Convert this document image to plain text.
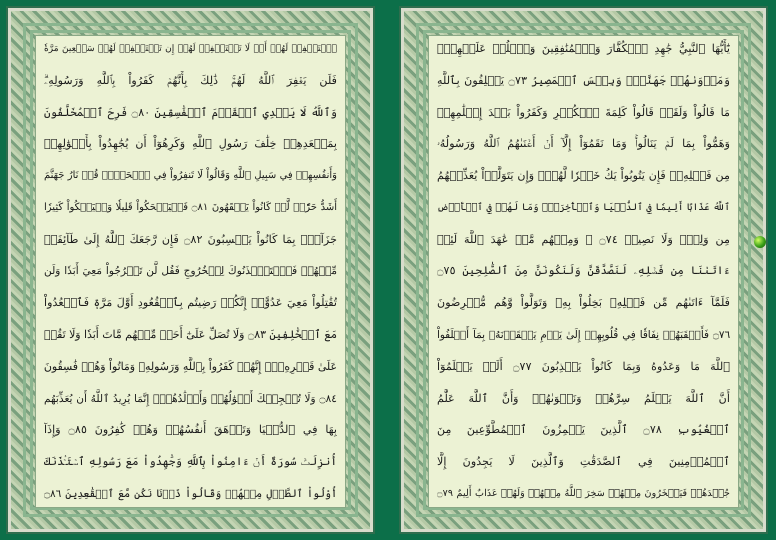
ٱسۡتَغۡفِرۡ لَهُمۡ أَوۡ لَا تَسۡتَغۡفِرۡ لَهُمۡ إِن تَسۡتَغۡفِرۡ لَهُمۡ سَبۡعِينَ مَرَّةٗ
فَلَن يَغۡفِرَ ٱللَّهُ لَهُمۡۚ ذَٰلِكَ بِأَنَّهُمۡ كَفَرُواْ بِٱللَّهِ وَرَسُولِهِۦۗ
وَٱللَّهُ لَا يَهۡدِي ٱلۡقَوۡمَ ٱلۡفَٰسِقِينَ ۝٨٠ فَرِحَ ٱلۡمُخَلَّفُونَ
بِمَقۡعَدِهِمۡ خِلَٰفَ رَسُولِ ٱللَّهِ وَكَرِهُوٓاْ أَن يُجَٰهِدُواْ بِأَمۡوَٰلِهِمۡ
وَأَنفُسِهِمۡ فِي سَبِيلِ ٱللَّهِ وَقَالُواْ لَا تَنفِرُواْ فِي ٱلۡحَرِّۗ قُلۡ نَارُ جَهَنَّمَ
أَشَدُّ حَرّٗاۚ لَّوۡ كَانُواْ يَفۡقَهُونَ ۝٨١ فَلۡيَضۡحَكُواْ قَلِيلٗا وَلۡيَبۡكُواْ كَثِيرٗا
جَزَآءَۢ بِمَا كَانُواْ يَكۡسِبُونَ ۝٨٢ فَإِن رَّجَعَكَ ٱللَّهُ إِلَىٰ طَآئِفَةٖ
مِّنۡهُمۡ فَٱسۡتَـٔۡذَنُوكَ لِلۡخُرُوجِ فَقُل لَّن تَخۡرُجُواْ مَعِيَ أَبَدٗا وَلَن
تُقَٰتِلُواْ مَعِيَ عَدُوًّاۖ إِنَّكُمۡ رَضِيتُم بِٱلۡقُعُودِ أَوَّلَ مَرَّةٖ فَٱقۡعُدُواْ
مَعَ ٱلۡخَٰلِفِينَ ۝٨٣ وَلَا تُصَلِّ عَلَىٰٓ أَحَدٖ مِّنۡهُم مَّاتَ أَبَدٗا وَلَا تَقُمۡ
عَلَىٰ قَبۡرِهِۦٓۖ إِنَّهُمۡ كَفَرُواْ بِٱللَّهِ وَرَسُولِهِۦ وَمَاتُواْ وَهُمۡ فَٰسِقُونَ
۝٨٤ وَلَا تُعۡجِبۡكَ أَمۡوَٰلُهُمۡ وَأَوۡلَٰدُهُمۡۚ إِنَّمَا يُرِيدُ ٱللَّهُ أَن يُعَذِّبَهُم
بِهَا فِي ٱلدُّنۡيَا وَتَزۡهَقَ أَنفُسُهُمۡ وَهُمۡ كَٰفِرُونَ ۝٨٥ وَإِذَآ
أُنزِلَتۡ سُورَةٌ أَنۡ ءَامِنُواْ بِٱللَّهِ وَجَٰهِدُواْ مَعَ رَسُولِهِ ٱسۡتَـٔۡذَنَكَ
أُوْلُواْ ٱلطَّوۡلِ مِنۡهُمۡ وَقَالُواْ ذَرۡنَا نَكُن مَّعَ ٱلۡقَٰعِدِينَ ۝٨٦
يَٰٓأَيُّهَا ٱلنَّبِيُّ جَٰهِدِ ٱلۡكُفَّارَ وَٱلۡمُنَٰفِقِينَ وَٱغۡلُظۡ عَلَيۡهِمۡۚ
وَمَأۡوَىٰهُمۡ جَهَنَّمُۖ وَبِئۡسَ ٱلۡمَصِيرُ ۝٧٣ يَحۡلِفُونَ بِٱللَّهِ
مَا قَالُواْ وَلَقَدۡ قَالُواْ كَلِمَةَ ٱلۡكُفۡرِ وَكَفَرُواْ بَعۡدَ إِسۡلَٰمِهِمۡ
وَهَمُّواْ بِمَا لَمۡ يَنَالُواْۚ وَمَا نَقَمُوٓاْ إِلَّآ أَنۡ أَغۡنَىٰهُمُ ٱللَّهُ وَرَسُولُهُۥ
مِن فَضۡلِهِۦۚ فَإِن يَتُوبُواْ يَكُ خَيۡرٗا لَّهُمۡۖ وَإِن يَتَوَلَّوۡاْ يُعَذِّبۡهُمُ
ٱللَّهُ عَذَابًا أَلِيمٗا فِي ٱلدُّنۡيَا وَٱلۡأٓخِرَةِۚ وَمَا لَهُمۡ فِي ٱلۡأَرۡضِ
مِن وَلِيّٖ وَلَا نَصِيرٖ ۝٧٤ ۞ وَمِنۡهُم مَّنۡ عَٰهَدَ ٱللَّهَ لَئِنۡ
ءَاتَىٰنَا مِن فَضۡلِهِۦ لَنَصَّدَّقَنَّ وَلَنَكُونَنَّ مِنَ ٱلصَّٰلِحِينَ ۝٧٥
فَلَمَّآ ءَاتَىٰهُم مِّن فَضۡلِهِۦ بَخِلُواْ بِهِۦ وَتَوَلَّواْ وَّهُم مُّعۡرِضُونَ
۝٧٦ فَأَعۡقَبَهُمۡ نِفَاقٗا فِي قُلُوبِهِمۡ إِلَىٰ يَوۡمِ يَلۡقَوۡنَهُۥ بِمَآ أَخۡلَفُواْ
ٱللَّهَ مَا وَعَدُوهُ وَبِمَا كَانُواْ يَكۡذِبُونَ ۝٧٧ أَلَمۡ يَعۡلَمُوٓاْ
أَنَّ ٱللَّهَ يَعۡلَمُ سِرَّهُمۡ وَنَجۡوَىٰهُمۡ وَأَنَّ ٱللَّهَ عَلَّٰمُ
ٱلۡغُيُوبِ ۝٧٨ ٱلَّذِينَ يَلۡمِزُونَ ٱلۡمُطَّوِّعِينَ مِنَ
ٱلۡمُؤۡمِنِينَ فِي ٱلصَّدَقَٰتِ وَٱلَّذِينَ لَا يَجِدُونَ إِلَّا
جُهۡدَهُمۡ فَيَسۡخَرُونَ مِنۡهُمۡ سَخِرَ ٱللَّهُ مِنۡهُمۡ وَلَهُمۡ عَذَابٌ أَلِيمٌ ۝٧٩
